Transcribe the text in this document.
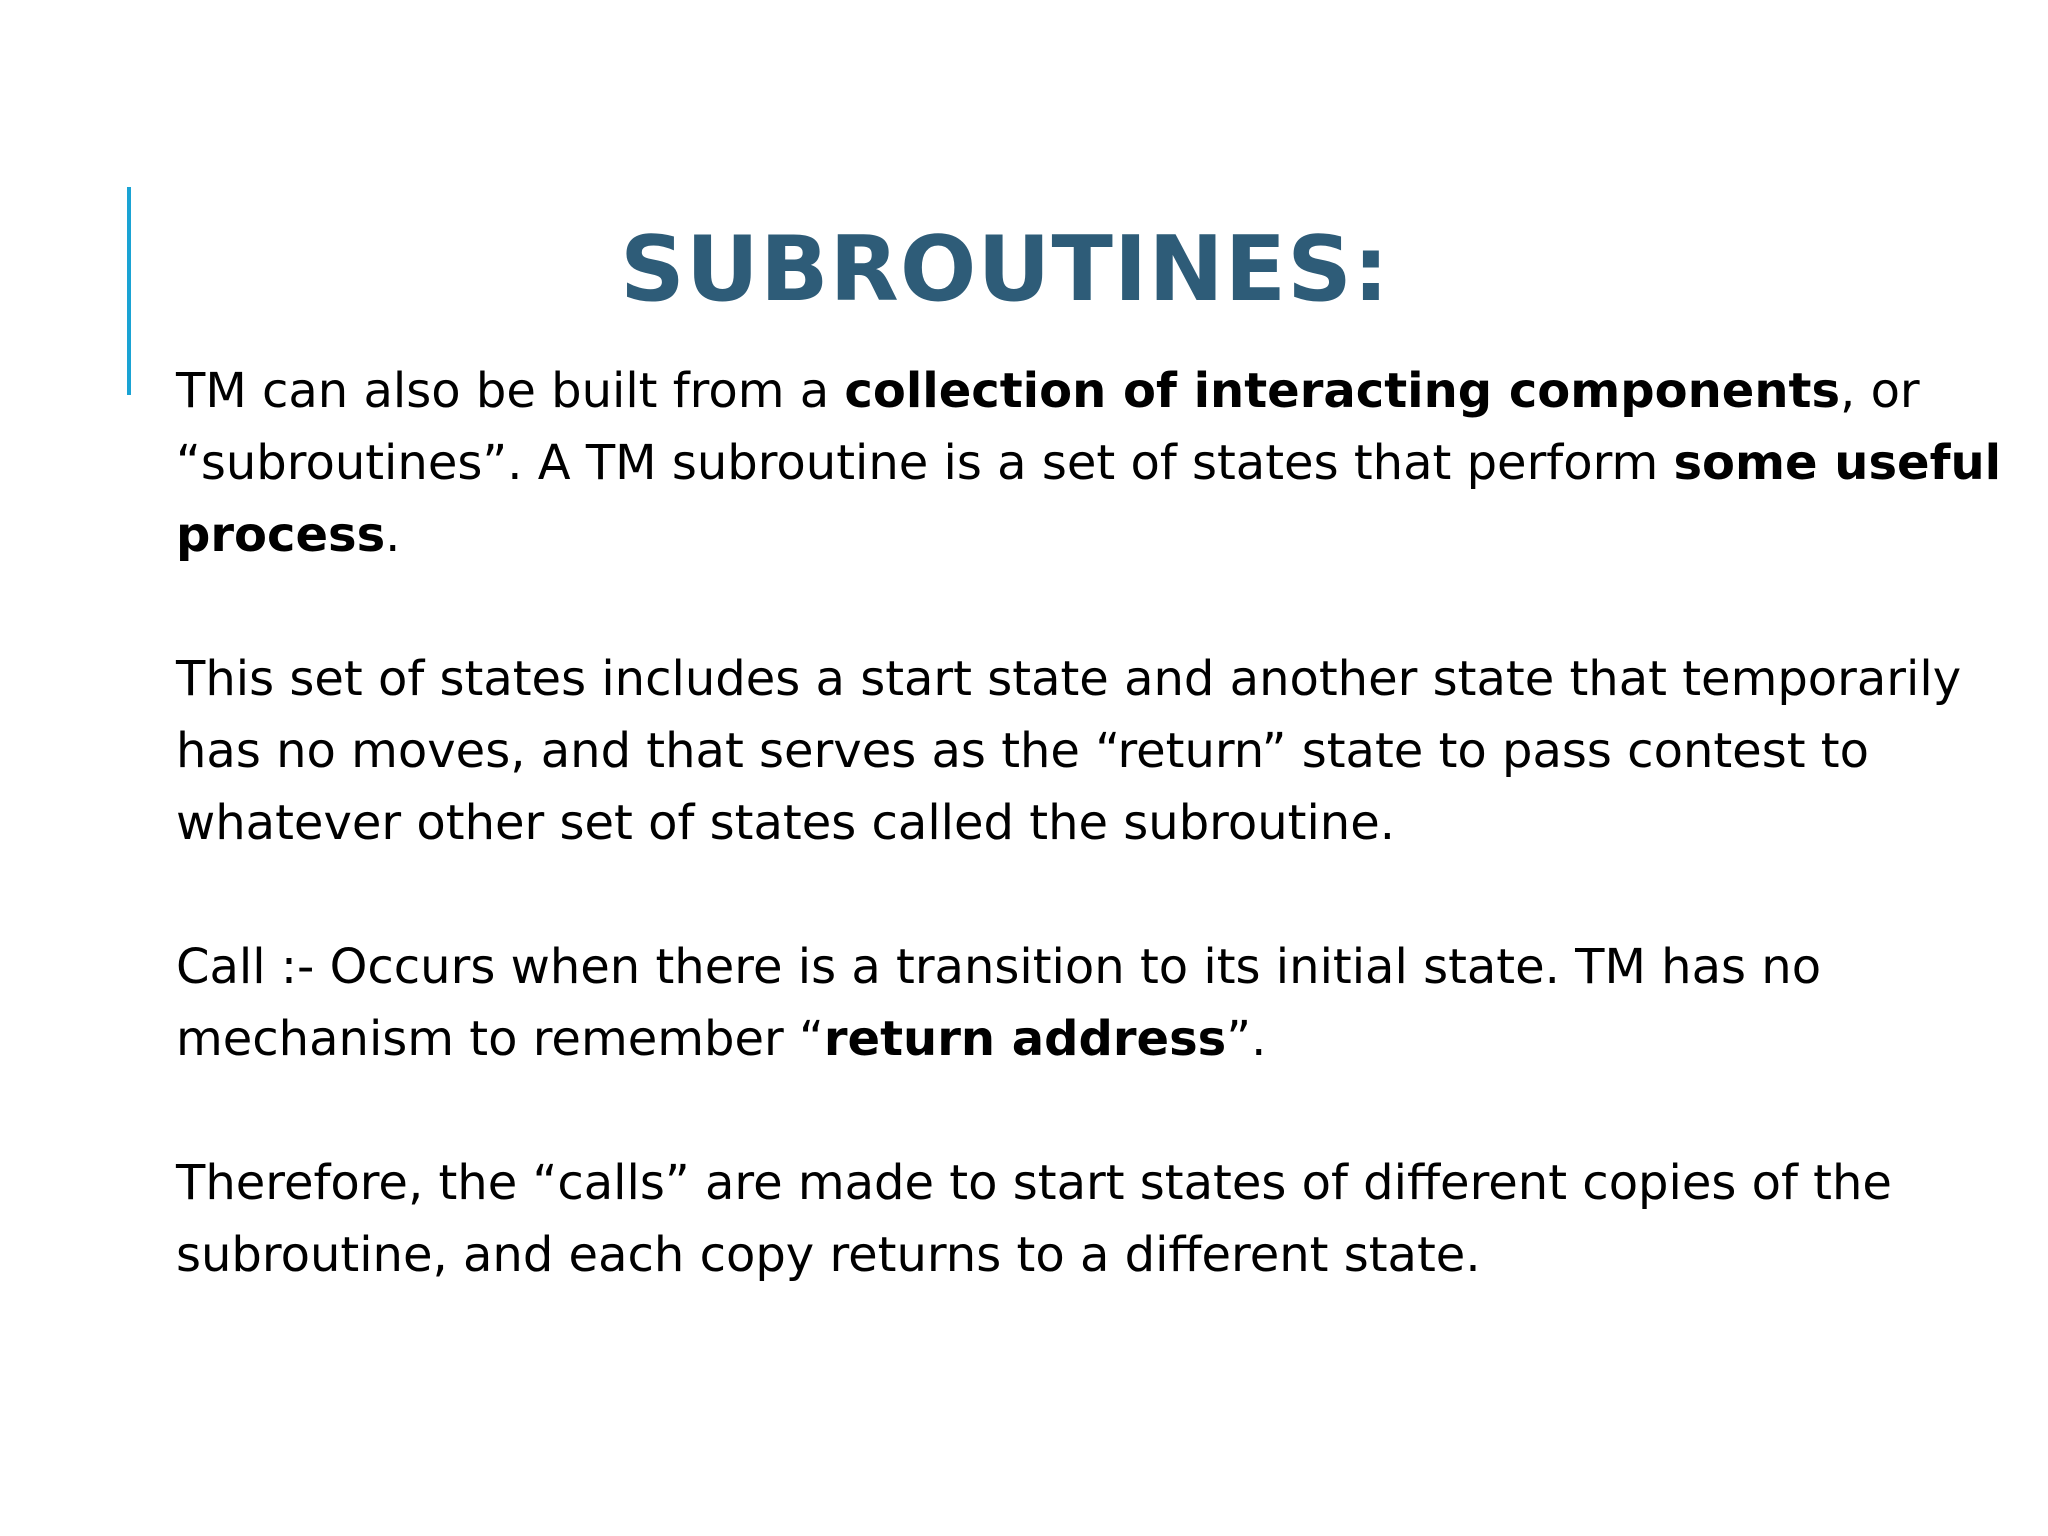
SUBROUTINES:

TM can also be built from a collection of interacting components, or “subroutines”. A TM subroutine is a set of states that perform some useful process.

This set of states includes a start state and another state that temporarily has no moves, and that serves as the “return” state to pass contest to whatever other set of states called the subroutine.

Call :- Occurs when there is a transition to its initial state. TM has no mechanism to remember “return address”.

Therefore, the “calls” are made to start states of different copies of the subroutine, and each copy returns to a different state.
